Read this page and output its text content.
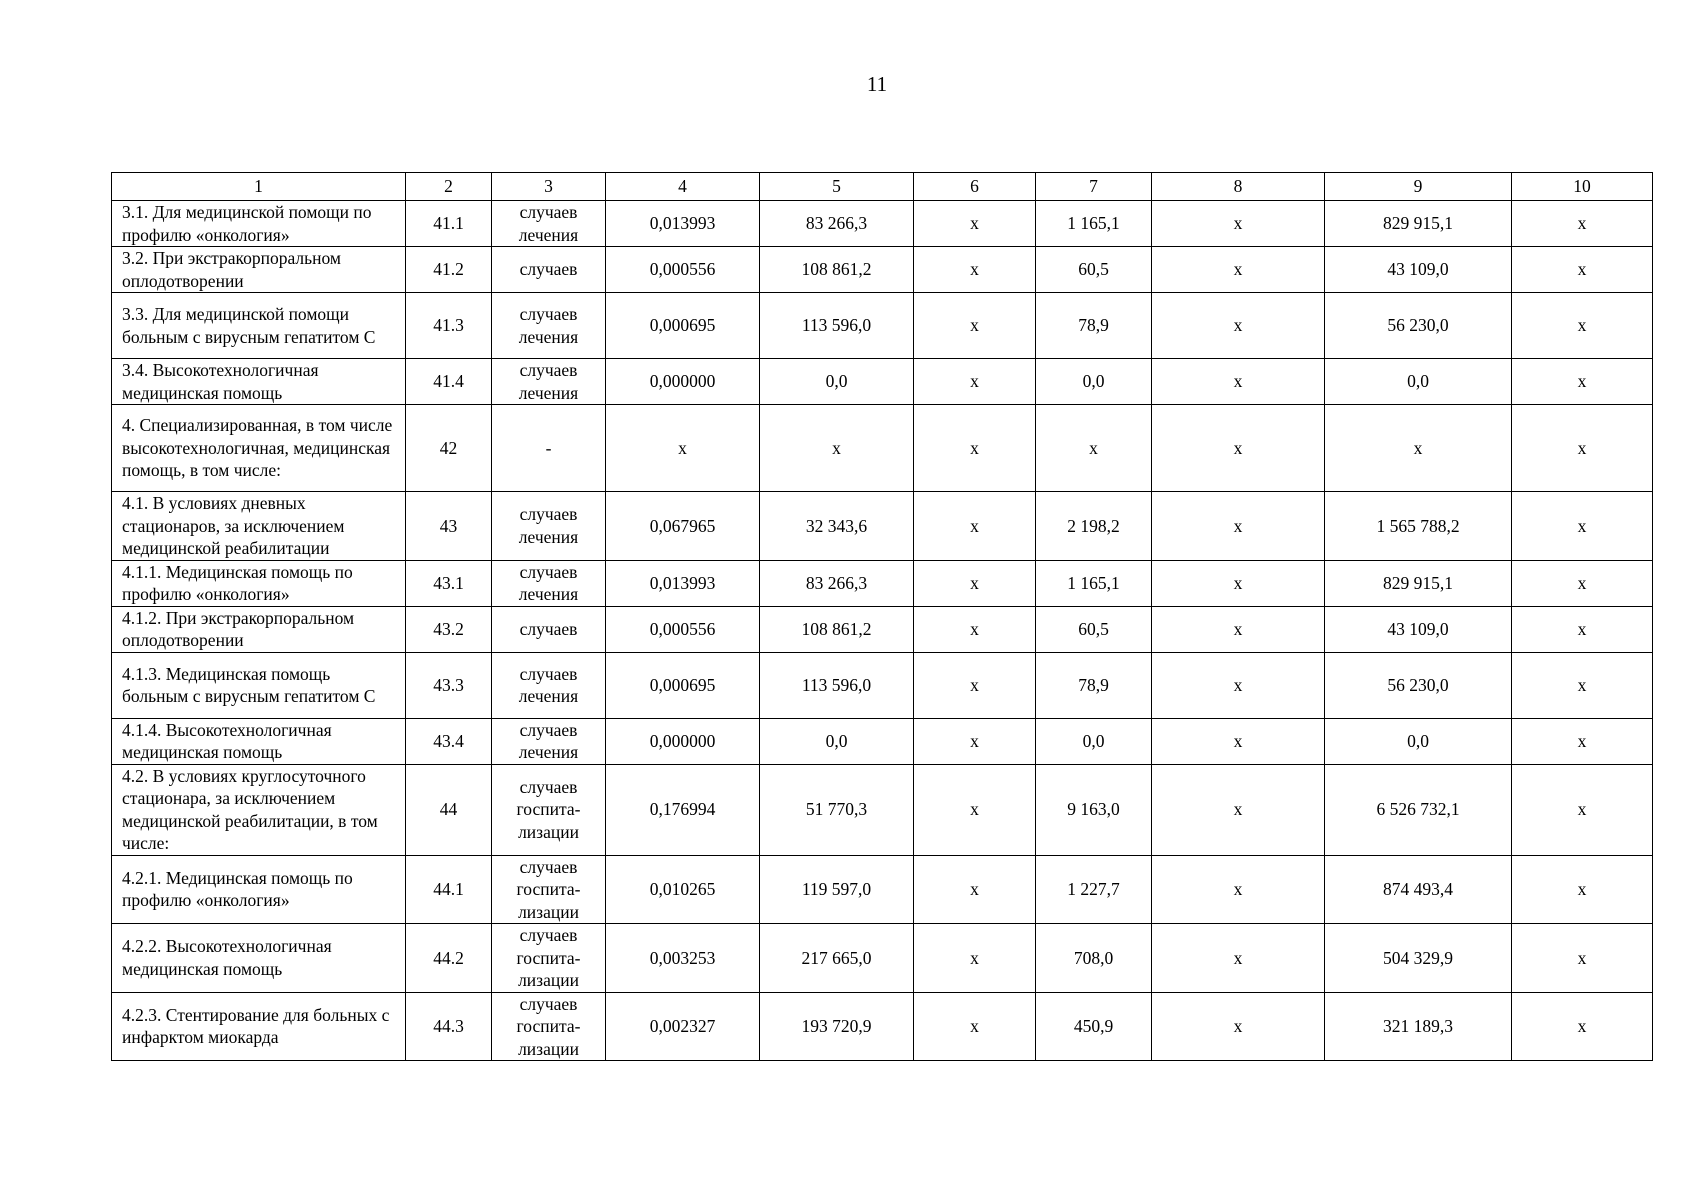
11
1	2	3	4	5	6	7	8	9	10
3.1. Для медицинской помощи по профилю «онкология»	41.1	случаев лечения	0,013993	83 266,3	х	1 165,1	х	829 915,1	х
3.2. При экстракорпоральном оплодотворении	41.2	случаев	0,000556	108 861,2	х	60,5	х	43 109,0	х
3.3. Для медицинской помощи больным с вирусным гепатитом С	41.3	случаев лечения	0,000695	113 596,0	х	78,9	х	56 230,0	х
3.4. Высокотехнологичная медицинская помощь	41.4	случаев лечения	0,000000	0,0	х	0,0	х	0,0	х
4. Специализированная, в том числе высокотехнологичная, медицинская помощь, в том числе:	42	-	х	х	х	х	х	х	х
4.1. В условиях дневных стационаров, за исключением медицинской реабилитации	43	случаев лечения	0,067965	32 343,6	х	2 198,2	х	1 565 788,2	х
4.1.1. Медицинская помощь по профилю «онкология»	43.1	случаев лечения	0,013993	83 266,3	х	1 165,1	х	829 915,1	х
4.1.2. При экстракорпоральном оплодотворении	43.2	случаев	0,000556	108 861,2	х	60,5	х	43 109,0	х
4.1.3. Медицинская помощь больным с вирусным гепатитом С	43.3	случаев лечения	0,000695	113 596,0	х	78,9	х	56 230,0	х
4.1.4. Высокотехнологичная медицинская помощь	43.4	случаев лечения	0,000000	0,0	х	0,0	х	0,0	х
4.2. В условиях круглосуточного стационара, за исключением медицинской реабилитации, в том числе:	44	случаев госпита-лизации	0,176994	51 770,3	х	9 163,0	х	6 526 732,1	х
4.2.1. Медицинская помощь по профилю «онкология»	44.1	случаев госпита-лизации	0,010265	119 597,0	х	1 227,7	х	874 493,4	х
4.2.2. Высокотехнологичная медицинская помощь	44.2	случаев госпита-лизации	0,003253	217 665,0	х	708,0	х	504 329,9	х
4.2.3. Стентирование для больных с инфарктом миокарда	44.3	случаев госпита-лизации	0,002327	193 720,9	х	450,9	х	321 189,3	х
